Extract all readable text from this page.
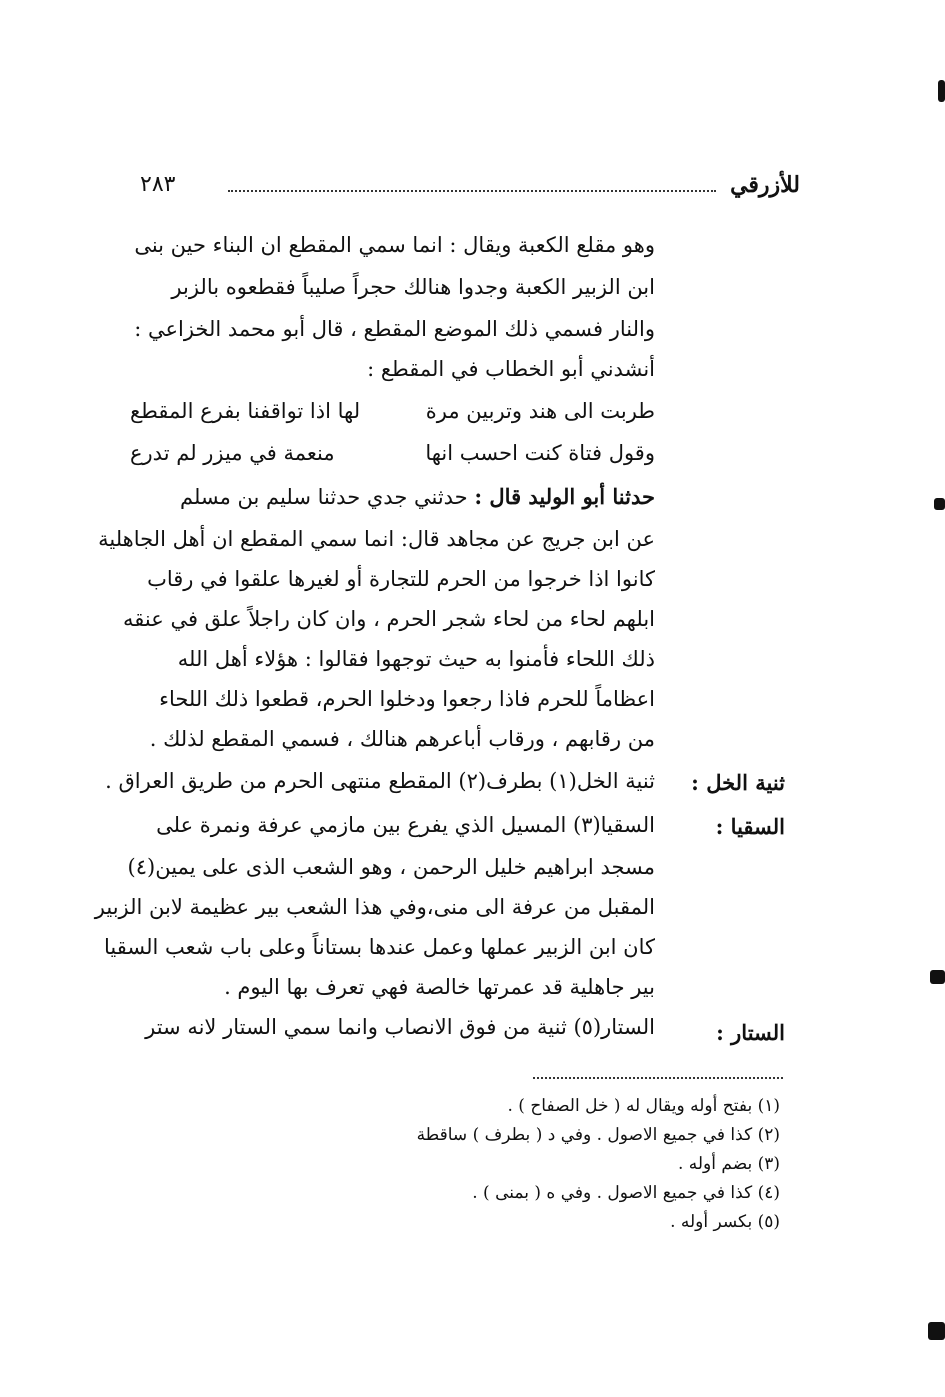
للأزرقي
٢٨٣
وهو مقلع الكعبة ويقال : انما سمي المقطع ان البناء حين بنى
ابن الزبير الكعبة وجدوا هنالك حجراً صليباً فقطعوه بالزبر
والنار فسمي ذلك الموضع المقطع ، قال أبو محمد الخزاعي :
أنشدني أبو الخطاب في المقطع :
طربت الى هند وتربين مرة
لها اذا تواقفنا بفرع المقطع
وقول فتاة كنت احسب انها
منعمة في ميزر لم تدرع
حدثنا أبو الوليد قال : حدثني جدي حدثنا سليم بن مسلم
عن ابن جريج عن مجاهد قال: انما سمي المقطع ان أهل الجاهلية
كانوا اذا خرجوا من الحرم للتجارة أو لغيرها علقوا في رقاب
ابلهم لحاء من لحاء شجر الحرم ، وان كان راجلاً علق في عنقه
ذلك اللحاء فأمنوا به حيث توجهوا فقالوا : هؤلاء أهل الله
اعظاماً للحرم فاذا رجعوا ودخلوا الحرم، قطعوا ذلك اللحاء
من رقابهم ، ورقاب أباعرهم هنالك ، فسمي المقطع لذلك .
ثنية الخل :
ثنية الخل(١) بطرف(٢) المقطع منتهى الحرم من طريق العراق .
السقيا :
السقيا(٣) المسيل الذي يفرع بين مازمي عرفة ونمرة على
مسجد ابراهيم خليل الرحمن ، وهو الشعب الذى على يمين(٤)
المقبل من عرفة الى منى،وفي هذا الشعب بير عظيمة لابن الزبير
كان ابن الزبير عملها وعمل عندها بستاناً وعلى باب شعب السقيا
بير جاهلية قد عمرتها خالصة فهي تعرف بها اليوم .
الستار :
الستار(٥) ثنية من فوق الانصاب وانما سمي الستار لانه ستر
(١) بفتح أوله ويقال له ( خل الصفاح ) .
(٢) كذا في جميع الاصول . وفي د ( بطرف ) ساقطة
(٣) بضم أوله .
(٤) كذا في جميع الاصول . وفي ه ( بمنى ) .
(٥) بكسر أوله .
